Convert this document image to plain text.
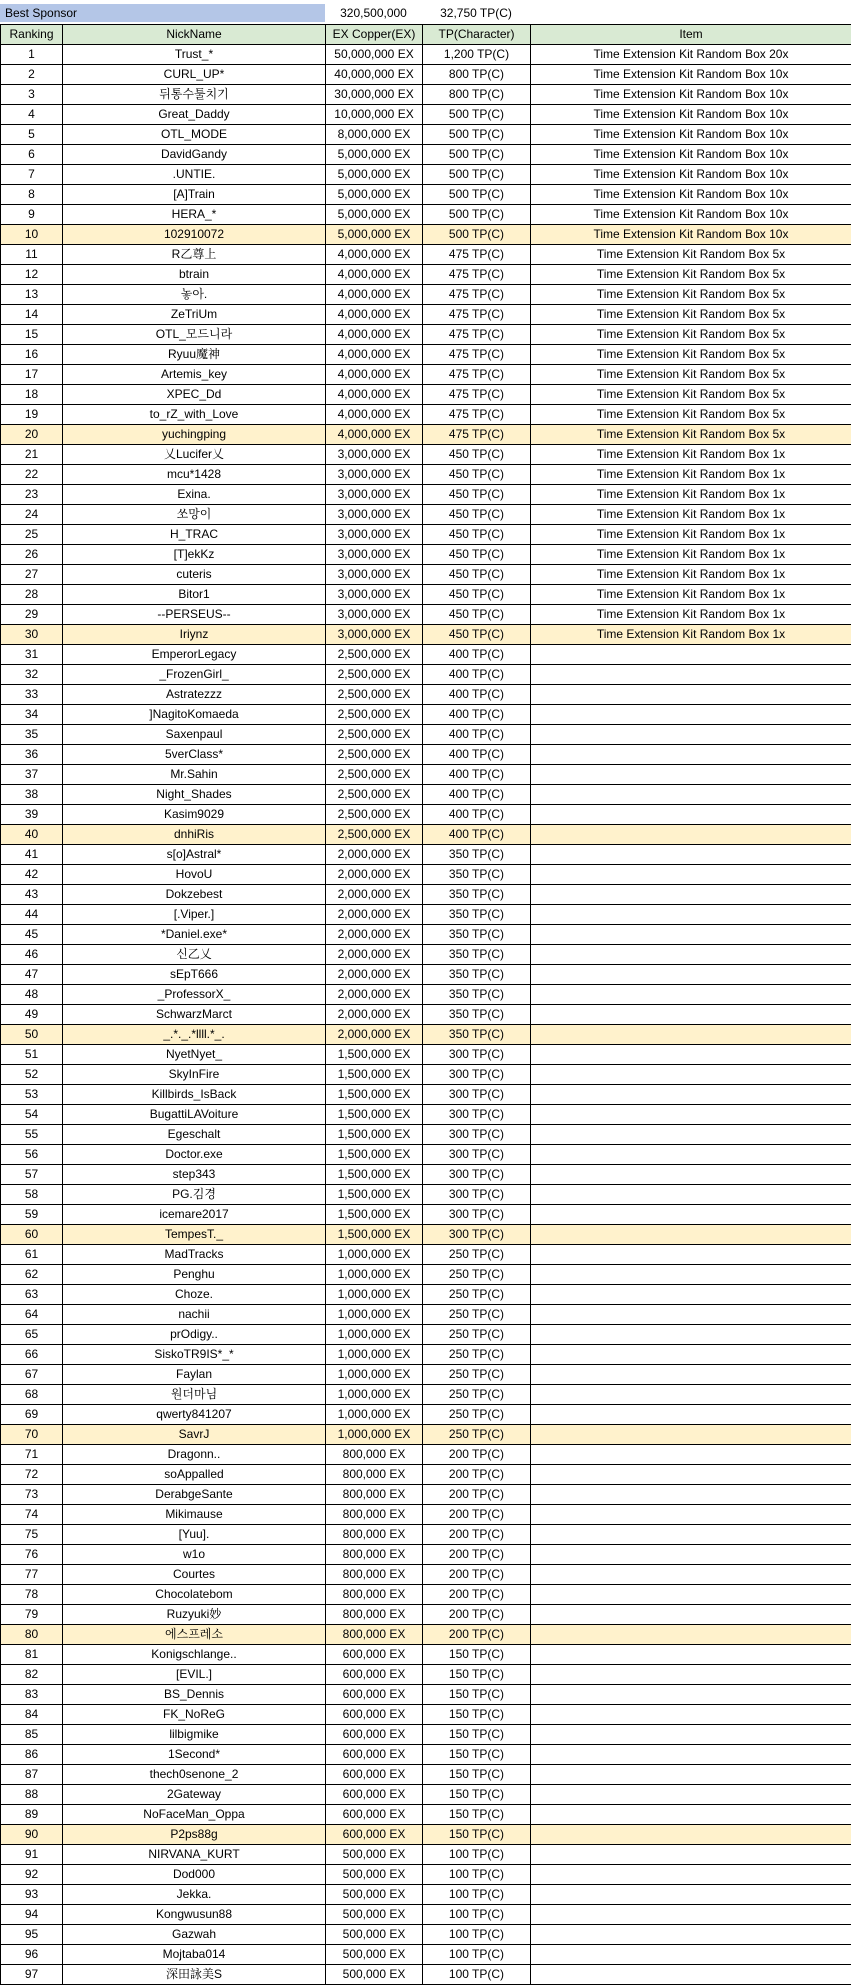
Best Sponsor	320,500,000	32,750 TP(C)
Ranking	NickName	EX Copper(EX)	TP(Character)	Item
1	Trust_*	50,000,000 EX	1,200 TP(C)	Time Extension Kit Random Box 20x
2	CURL_UP*	40,000,000 EX	800 TP(C)	Time Extension Kit Random Box 10x
3	뒤통수툴치기	30,000,000 EX	800 TP(C)	Time Extension Kit Random Box 10x
4	Great_Daddy	10,000,000 EX	500 TP(C)	Time Extension Kit Random Box 10x
5	OTL_MODE	8,000,000 EX	500 TP(C)	Time Extension Kit Random Box 10x
6	DavidGandy	5,000,000 EX	500 TP(C)	Time Extension Kit Random Box 10x
7	.UNTIE.	5,000,000 EX	500 TP(C)	Time Extension Kit Random Box 10x
8	[A]Train	5,000,000 EX	500 TP(C)	Time Extension Kit Random Box 10x
9	HERA_*	5,000,000 EX	500 TP(C)	Time Extension Kit Random Box 10x
10	102910072	5,000,000 EX	500 TP(C)	Time Extension Kit Random Box 10x
11	R乙尊上	4,000,000 EX	475 TP(C)	Time Extension Kit Random Box 5x
12	btrain	4,000,000 EX	475 TP(C)	Time Extension Kit Random Box 5x
13	놓아.	4,000,000 EX	475 TP(C)	Time Extension Kit Random Box 5x
14	ZeTriUm	4,000,000 EX	475 TP(C)	Time Extension Kit Random Box 5x
15	OTL_모드니라	4,000,000 EX	475 TP(C)	Time Extension Kit Random Box 5x
16	Ryuu魔神	4,000,000 EX	475 TP(C)	Time Extension Kit Random Box 5x
17	Artemis_key	4,000,000 EX	475 TP(C)	Time Extension Kit Random Box 5x
18	XPEC_Dd	4,000,000 EX	475 TP(C)	Time Extension Kit Random Box 5x
19	to_rZ_with_Love	4,000,000 EX	475 TP(C)	Time Extension Kit Random Box 5x
20	yuchingping	4,000,000 EX	475 TP(C)	Time Extension Kit Random Box 5x
21	乂Lucifer乂	3,000,000 EX	450 TP(C)	Time Extension Kit Random Box 1x
22	mcu*1428	3,000,000 EX	450 TP(C)	Time Extension Kit Random Box 1x
23	Exina.	3,000,000 EX	450 TP(C)	Time Extension Kit Random Box 1x
24	쏘망이	3,000,000 EX	450 TP(C)	Time Extension Kit Random Box 1x
25	H_TRAC	3,000,000 EX	450 TP(C)	Time Extension Kit Random Box 1x
26	[T]ekKz	3,000,000 EX	450 TP(C)	Time Extension Kit Random Box 1x
27	cuteris	3,000,000 EX	450 TP(C)	Time Extension Kit Random Box 1x
28	Bitor1	3,000,000 EX	450 TP(C)	Time Extension Kit Random Box 1x
29	--PERSEUS--	3,000,000 EX	450 TP(C)	Time Extension Kit Random Box 1x
30	Iriynz	3,000,000 EX	450 TP(C)	Time Extension Kit Random Box 1x
31	EmperorLegacy	2,500,000 EX	400 TP(C)	
32	_FrozenGirl_	2,500,000 EX	400 TP(C)	
33	Astratezzz	2,500,000 EX	400 TP(C)	
34	]NagitoKomaeda	2,500,000 EX	400 TP(C)	
35	Saxenpaul	2,500,000 EX	400 TP(C)	
36	5verClass*	2,500,000 EX	400 TP(C)	
37	Mr.Sahin	2,500,000 EX	400 TP(C)	
38	Night_Shades	2,500,000 EX	400 TP(C)	
39	Kasim9029	2,500,000 EX	400 TP(C)	
40	dnhiRis	2,500,000 EX	400 TP(C)	
41	s[o]Astral*	2,000,000 EX	350 TP(C)	
42	HovoU	2,000,000 EX	350 TP(C)	
43	Dokzebest	2,000,000 EX	350 TP(C)	
44	[.Viper.]	2,000,000 EX	350 TP(C)	
45	*Daniel.exe*	2,000,000 EX	350 TP(C)	
46	신乙乂	2,000,000 EX	350 TP(C)	
47	sEpT666	2,000,000 EX	350 TP(C)	
48	_ProfessorX_	2,000,000 EX	350 TP(C)	
49	SchwarzMarct	2,000,000 EX	350 TP(C)	
50	_.*._.*llll.*_.	2,000,000 EX	350 TP(C)	
51	NyetNyet_	1,500,000 EX	300 TP(C)	
52	SkyInFire	1,500,000 EX	300 TP(C)	
53	Killbirds_IsBack	1,500,000 EX	300 TP(C)	
54	BugattiLAVoiture	1,500,000 EX	300 TP(C)	
55	Egeschalt	1,500,000 EX	300 TP(C)	
56	Doctor.exe	1,500,000 EX	300 TP(C)	
57	step343	1,500,000 EX	300 TP(C)	
58	PG.김경	1,500,000 EX	300 TP(C)	
59	icemare2017	1,500,000 EX	300 TP(C)	
60	TempesT._	1,500,000 EX	300 TP(C)	
61	MadTracks	1,000,000 EX	250 TP(C)	
62	Penghu	1,000,000 EX	250 TP(C)	
63	Choze.	1,000,000 EX	250 TP(C)	
64	nachii	1,000,000 EX	250 TP(C)	
65	prOdigy..	1,000,000 EX	250 TP(C)	
66	SiskoTR9IS*_*	1,000,000 EX	250 TP(C)	
67	Faylan	1,000,000 EX	250 TP(C)	
68	원더마님	1,000,000 EX	250 TP(C)	
69	qwerty841207	1,000,000 EX	250 TP(C)	
70	SavrJ	1,000,000 EX	250 TP(C)	
71	Dragonn..	800,000 EX	200 TP(C)	
72	soAppalled	800,000 EX	200 TP(C)	
73	DerabgeSante	800,000 EX	200 TP(C)	
74	Mikimause	800,000 EX	200 TP(C)	
75	[Yuu].	800,000 EX	200 TP(C)	
76	w1o	800,000 EX	200 TP(C)	
77	Courtes	800,000 EX	200 TP(C)	
78	Chocolatebom	800,000 EX	200 TP(C)	
79	Ruzyuki妙	800,000 EX	200 TP(C)	
80	에스프레소	800,000 EX	200 TP(C)	
81	Konigschlange..	600,000 EX	150 TP(C)	
82	[EVIL.]	600,000 EX	150 TP(C)	
83	BS_Dennis	600,000 EX	150 TP(C)	
84	FK_NoReG	600,000 EX	150 TP(C)	
85	lilbigmike	600,000 EX	150 TP(C)	
86	1Second*	600,000 EX	150 TP(C)	
87	thech0senone_2	600,000 EX	150 TP(C)	
88	2Gateway	600,000 EX	150 TP(C)	
89	NoFaceMan_Oppa	600,000 EX	150 TP(C)	
90	P2ps88g	600,000 EX	150 TP(C)	
91	NIRVANA_KURT	500,000 EX	100 TP(C)	
92	Dod000	500,000 EX	100 TP(C)	
93	Jekka.	500,000 EX	100 TP(C)	
94	Kongwusun88	500,000 EX	100 TP(C)	
95	Gazwah	500,000 EX	100 TP(C)	
96	Mojtaba014	500,000 EX	100 TP(C)	
97	深田詠美S	500,000 EX	100 TP(C)	
